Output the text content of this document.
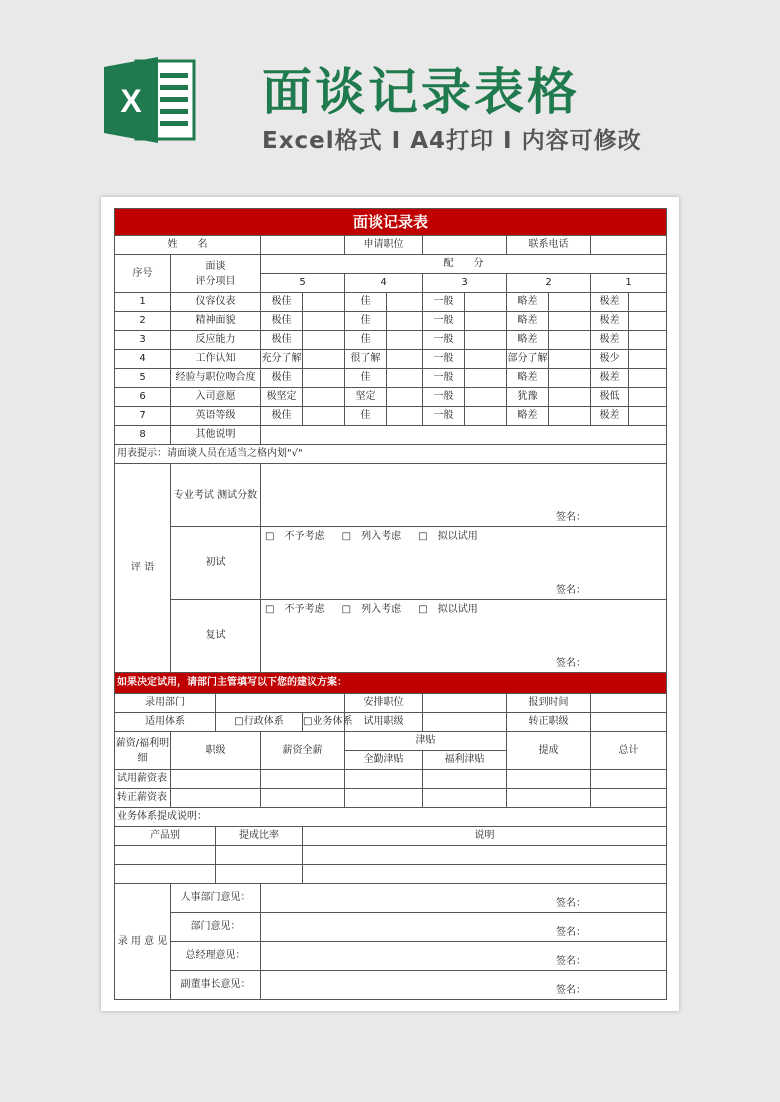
X 面谈记录表格
Excel格式 I A4打印 I 内容可修改
面谈记录表												
姓　　名					申请职位				联系电话			
序号	面谈
评分项目		配　　分									
			5		4		3		2		1	
1	仪容仪表		极佳		佳		一般		略差		极差	
2	精神面貌		极佳		佳		一般		略差		极差	
3	反应能力		极佳		佳		一般		略差		极差	
4	工作认知		充分了解		很了解		一般		部分了解		极少	
5	经验与职位吻合度		极佳		佳		一般		略差		极差	
6	入司意愿		极坚定		坚定		一般		犹豫		极低	
7	英语等级		极佳		佳		一般		略差		极差	
8	其他说明											
用表提示：请面谈人员在适当之格内划"√"												
评 语	专业考试 测试分数		签名：									

	初试		□　不予考虑 □　列入考虑 □　拟以试用
签名：									

	复试		□　不予考虑 □　列入考虑 □　拟以试用
签名：									

如果决定试用，请部门主管填写以下您的建议方案：												
录用部门					安排职位				报到时间			
适用体系		□行政体系		□业务体系	试用职级				转正职级			
薪资/福利明细	职级		薪资全薪		津贴				提成		总计	
					全勤津贴		福利津贴					
试用薪资表												
转正薪资表												
业务体系提成说明：												
产品别		提成比率		说明								

录 用 意 见	人事部门意见：		签名：									

	部门意见：		签名：									

	总经理意见：		签名：									

	副董事长意见：		签名：									
